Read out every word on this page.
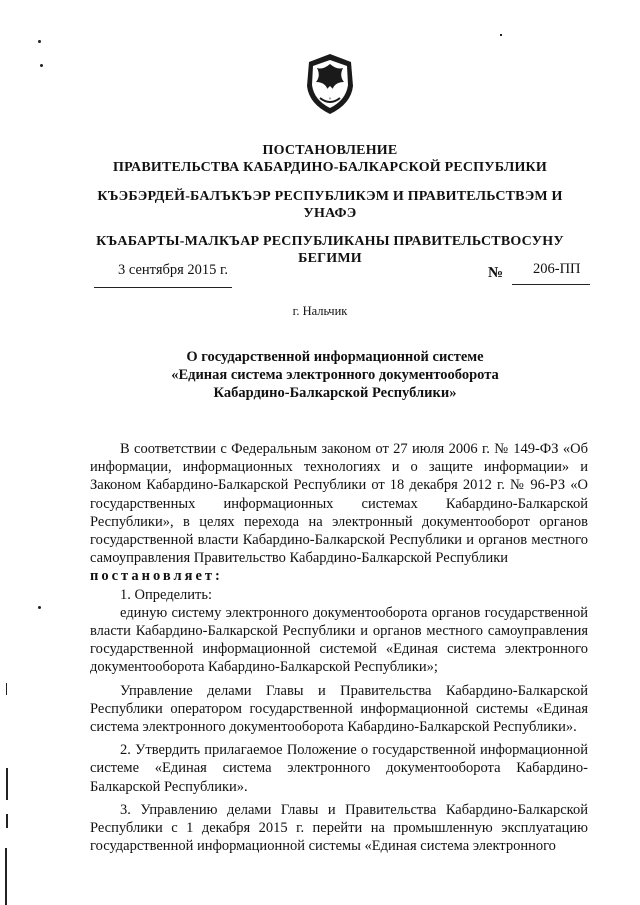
ПОСТАНОВЛЕНИЕ
ПРАВИТЕЛЬСТВА КАБАРДИНО-БАЛКАРСКОЙ РЕСПУБЛИКИ
КЪЭБЭРДЕЙ-БАЛЪКЪЭР РЕСПУБЛИКЭМ И ПРАВИТЕЛЬСТВЭМ И
УНАФЭ
КЪАБАРТЫ-МАЛКЪАР РЕСПУБЛИКАНЫ ПРАВИТЕЛЬСТВОСУНУ
БЕГИМИ
3 сентября 2015 г.	№ 206-ПП
г. Нальчик
О государственной информационной системе
«Единая система электронного документооборота
Кабардино-Балкарской Республики»

В соответствии с Федеральным законом от 27 июля 2006 г. № 149-ФЗ «Об информации, информационных технологиях и о защите информации» и Законом Кабардино-Балкарской Республики от 18 декабря 2012 г. № 96-РЗ «О государственных информационных системах Кабардино-Балкарской Республики», в целях перехода на электронный документооборот органов государственной власти Кабардино-Балкарской Республики и органов местного самоуправления Правительство Кабардино-Балкарской Республики

постановляет:

1. Определить:

единую систему электронного документооборота органов государственной власти Кабардино-Балкарской Республики и органов местного самоуправления государственной информационной системой «Единая система электронного документооборота Кабардино-Балкарской Республики»;

Управление делами Главы и Правительства Кабардино-Балкарской Республики оператором государственной информационной системы «Единая система электронного документооборота Кабардино-Балкарской Республики».

2. Утвердить прилагаемое Положение о государственной информационной системе «Единая система электронного документооборота Кабардино-Балкарской Республики».

3. Управлению делами Главы и Правительства Кабардино-Балкарской Республики с 1 декабря 2015 г. перейти на промышленную эксплуатацию государственной информационной системы «Единая система электронного
